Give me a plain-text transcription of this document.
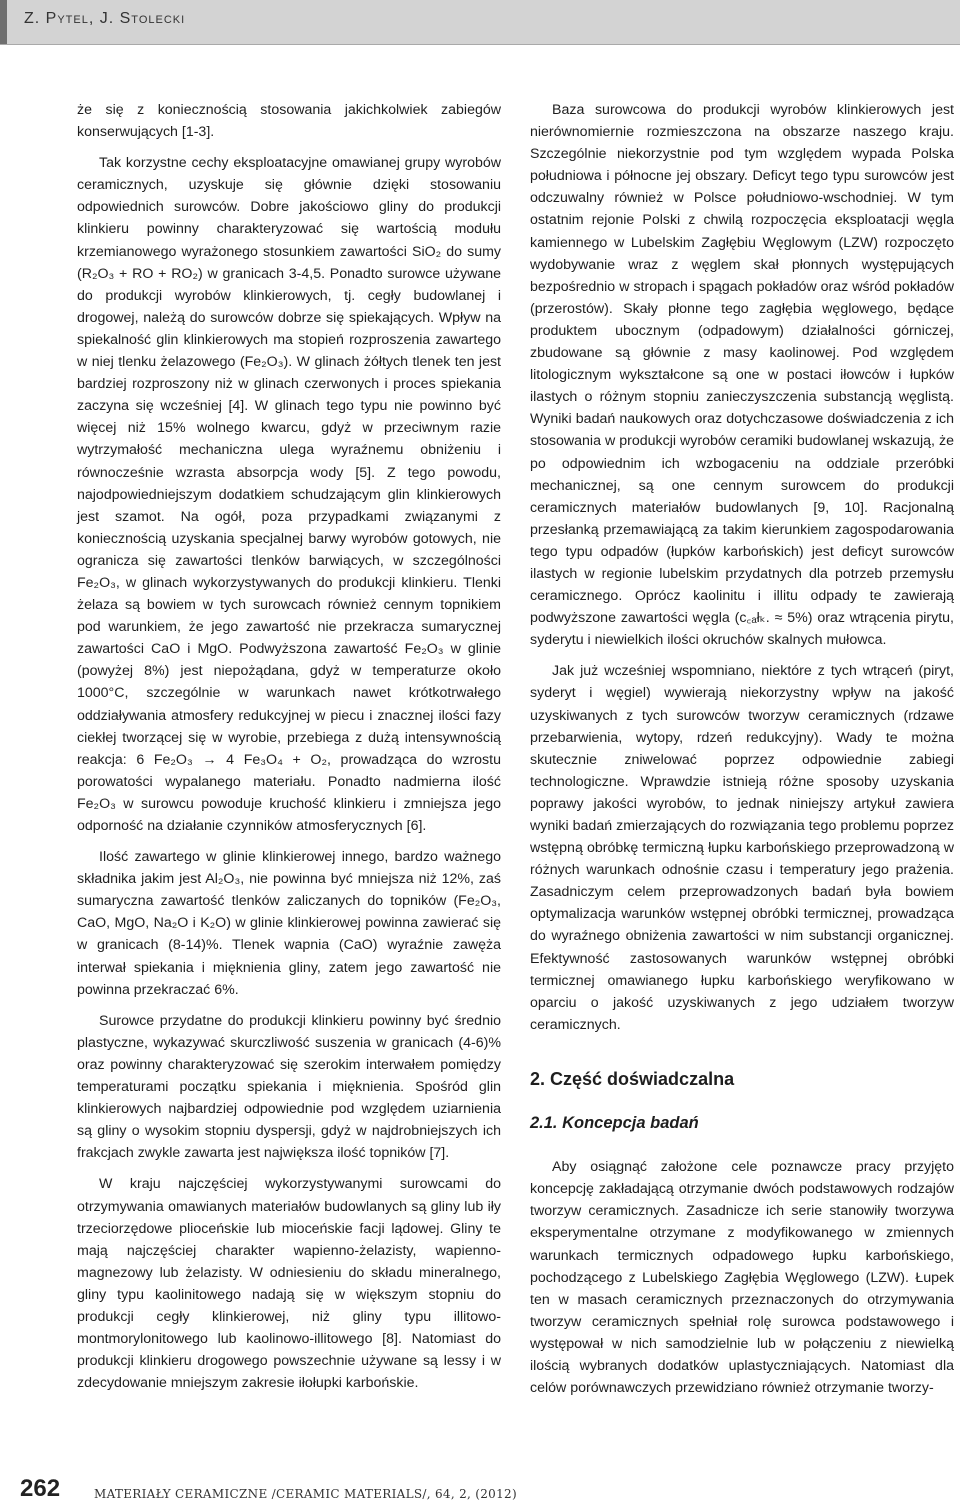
Z. Pytel, J. Stolecki

że się z koniecznością stosowania jakichkolwiek zabiegów konserwujących [1-3].

Tak korzystne cechy eksploatacyjne omawianej grupy wyrobów ceramicznych, uzyskuje się głównie dzięki stosowaniu odpowiednich surowców. Dobre jakościowo gliny do produkcji klinkieru powinny charakteryzować się wartością modułu krzemianowego wyrażonego stosunkiem zawartości SiO₂ do sumy (R₂O₃ + RO + RO₂) w granicach 3-4,5. Ponadto surowce używane do produkcji wyrobów klinkierowych, tj. cegły budowlanej i drogowej, należą do surowców dobrze się spiekających. Wpływ na spiekalność glin klinkierowych ma stopień rozproszenia zawartego w niej tlenku żelazowego (Fe₂O₃). W glinach żółtych tlenek ten jest bardziej rozproszony niż w glinach czerwonych i proces spiekania zaczyna się wcześniej [4]. W glinach tego typu nie powinno być więcej niż 15% wolnego kwarcu, gdyż w przeciwnym razie wytrzymałość mechaniczna ulega wyraźnemu obniżeniu i równocześnie wzrasta absorpcja wody [5]. Z tego powodu, najodpowiedniejszym dodatkiem schudzającym glin klinkierowych jest szamot. Na ogół, poza przypadkami związanymi z koniecznością uzyskania specjalnej barwy wyrobów gotowych, nie ogranicza się zawartości tlenków barwiących, w szczególności Fe₂O₃, w glinach wykorzystywanych do produkcji klinkieru. Tlenki żelaza są bowiem w tych surowcach również cennym topnikiem pod warunkiem, że jego zawartość nie przekracza sumarycznej zawartości CaO i MgO. Podwyższona zawartość Fe₂O₃ w glinie (powyżej 8%) jest niepożądana, gdyż w temperaturze około 1000°C, szczególnie w warunkach nawet krótkotrwałego oddziaływania atmosfery redukcyjnej w piecu i znacznej ilości fazy ciekłej tworzącej się w wyrobie, przebiega z dużą intensywnością reakcja: 6 Fe₂O₃ → 4 Fe₃O₄ + O₂, prowadząca do wzrostu porowatości wypalanego materiału. Ponadto nadmierna ilość Fe₂O₃ w surowcu powoduje kruchość klinkieru i zmniejsza jego odporność na działanie czynników atmosferycznych [6].

Ilość zawartego w glinie klinkierowej innego, bardzo ważnego składnika jakim jest Al₂O₃, nie powinna być mniejsza niż 12%, zaś sumaryczna zawartość tlenków zaliczanych do topników (Fe₂O₃, CaO, MgO, Na₂O i K₂O) w glinie klinkierowej powinna zawierać się w granicach (8-14)%. Tlenek wapnia (CaO) wyraźnie zawęża interwał spiekania i mięknienia gliny, zatem jego zawartość nie powinna przekraczać 6%.

Surowce przydatne do produkcji klinkieru powinny być średnio plastyczne, wykazywać skurczliwość suszenia w granicach (4-6)% oraz powinny charakteryzować się szerokim interwałem pomiędzy temperaturami początku spiekania i mięknienia. Spośród glin klinkierowych najbardziej odpowiednie pod względem uziarnienia są gliny o wysokim stopniu dyspersji, gdyż w najdrobniejszych ich frakcjach zwykle zawarta jest największa ilość topników [7].

W kraju najczęściej wykorzystywanymi surowcami do otrzymywania omawianych materiałów budowlanych są gliny lub iły trzeciorzędowe plioceńskie lub mioceńskie facji lądowej. Gliny te mają najczęściej charakter wapienno-żelazisty, wapienno-magnezowy lub żelazisty. W odniesieniu do składu mineralnego, gliny typu kaolinitowego nadają się w większym stopniu do produkcji cegły klinkierowej, niż gliny typu illitowo-montmorylonitowego lub kaolinowo-illitowego [8]. Natomiast do produkcji klinkieru drogowego powszechnie używane są lessy i w zdecydowanie mniejszym zakresie iłołupki karbońskie.

Baza surowcowa do produkcji wyrobów klinkierowych jest nierównomiernie rozmieszczona na obszarze naszego kraju. Szczególnie niekorzystnie pod tym względem wypada Polska południowa i północne jej obszary. Deficyt tego typu surowców jest odczuwalny również w Polsce południowo-wschodniej. W tym ostatnim rejonie Polski z chwilą rozpoczęcia eksploatacji węgla kamiennego w Lubelskim Zagłębiu Węglowym (LZW) rozpoczęto wydobywanie wraz z węglem skał płonnych występujących bezpośrednio w stropach i spągach pokładów oraz wśród pokładów (przerostów). Skały płonne tego zagłębia węglowego, będące produktem ubocznym (odpadowym) działalności górniczej, zbudowane są głównie z masy kaolinowej. Pod względem litologicznym wykształcone są one w postaci iłowców i łupków ilastych o różnym stopniu zanieczyszczenia substancją węglistą. Wyniki badań naukowych oraz dotychczasowe doświadczenia z ich stosowania w produkcji wyrobów ceramiki budowlanej wskazują, że po odpowiednim ich wzbogaceniu na oddziale przeróbki mechanicznej, są one cennym surowcem do produkcji ceramicznych materiałów budowlanych [9, 10]. Racjonalną przesłanką przemawiającą za takim kierunkiem zagospodarowania tego typu odpadów (łupków karbońskich) jest deficyt surowców ilastych w regionie lubelskim przydatnych dla potrzeb przemysłu ceramicznego. Oprócz kaolinitu i illitu odpady te zawierają podwyższone zawartości węgla (c꜀ₐłₖ. ≈ 5%) oraz wtrącenia pirytu, syderytu i niewielkich ilości okruchów skalnych mułowca.

Jak już wcześniej wspomniano, niektóre z tych wtrąceń (piryt, syderyt i węgiel) wywierają niekorzystny wpływ na jakość uzyskiwanych z tych surowców tworzyw ceramicznych (rdzawe przebarwienia, wytopy, rdzeń redukcyjny). Wady te można skutecznie zniwelować poprzez odpowiednie zabiegi technologiczne. Wprawdzie istnieją różne sposoby uzyskania poprawy jakości wyrobów, to jednak niniejszy artykuł zawiera wyniki badań zmierzających do rozwiązania tego problemu poprzez wstępną obróbkę termiczną łupku karbońskiego przeprowadzoną w różnych warunkach odnośnie czasu i temperatury jego prażenia. Zasadniczym celem przeprowadzonych badań była bowiem optymalizacja warunków wstępnej obróbki termicznej, prowadząca do wyraźnego obniżenia zawartości w nim substancji organicznej. Efektywność zastosowanych warunków wstępnej obróbki termicznej omawianego łupku karbońskiego weryfikowano w oparciu o jakość uzyskiwanych z jego udziałem tworzyw ceramicznych.

2. Część doświadczalna
2.1. Koncepcja badań

Aby osiągnąć założone cele poznawcze pracy przyjęto koncepcję zakładającą otrzymanie dwóch podstawowych rodzajów tworzyw ceramicznych. Zasadnicze ich serie stanowiły tworzywa eksperymentalne otrzymane z modyfikowanego w zmiennych warunkach termicznych odpadowego łupku karbońskiego, pochodzącego z Lubelskiego Zagłębia Węglowego (LZW). Łupek ten w masach ceramicznych przeznaczonych do otrzymywania tworzyw ceramicznych spełniał rolę surowca podstawowego i występował w nich samodzielnie lub w połączeniu z niewielką ilością wybranych dodatków uplastyczniających. Natomiast dla celów porównawczych przewidziano również otrzymanie tworzy-

262	MATERIAŁY CERAMICZNE /CERAMIC MATERIALS/, 64, 2, (2012)
